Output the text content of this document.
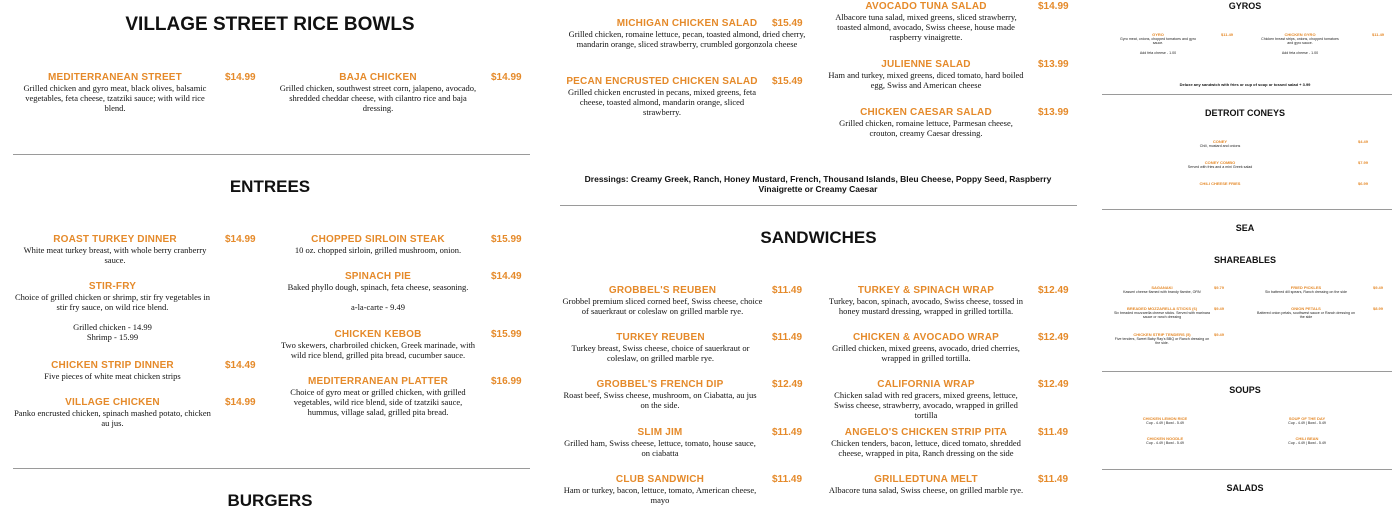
VILLAGE STREET RICE BOWLS
MEDITERRANEAN STREET
Grilled chicken and gyro meat, black olives, balsamic vegetables, feta cheese, tzatziki sauce; with wild rice blend.
$14.99	BAJA CHICKEN
Grilled chicken, southwest street corn, jalapeno, avocado, shredded cheddar cheese, with cilantro rice and baja dressing.
$14.99
ENTREES
ROAST TURKEY DINNER
White meat turkey breast, with whole berry cranberry sauce.
$14.99	CHOPPED SIRLOIN STEAK
10 oz. chopped sirloin, grilled mushroom, onion.
$15.99
STIR-FRY
Choice of grilled chicken or shrimp, stir fry vegetables in stir fry sauce, on wild rice blend.
Grilled chicken - 14.99
Shrimp - 15.99
SPINACH PIE
Baked phyllo dough, spinach, feta cheese, seasoning.
a-la-carte - 9.49
$14.49
CHICKEN KEBOB
Two skewers, charbroiled chicken, Greek marinade, with wild rice blend, grilled pita bread, cucumber sauce.
$15.99
CHICKEN STRIP DINNER
Five pieces of white meat chicken strips
$14.49
MEDITERRANEAN PLATTER
Choice of gyro meat or grilled chicken, with grilled vegetables, wild rice blend, side of tzatziki sauce, hummus, village salad, grilled pita bread.
$16.99
VILLAGE CHICKEN
Panko encrusted chicken, spinach mashed potato, chicken au jus.
$14.99
BURGERS
MICHIGAN CHICKEN SALAD
Grilled chicken, romaine lettuce, pecan, toasted almond, dried cherry, mandarin orange, sliced strawberry, crumbled gorgonzola cheese
$15.49
AVOCADO TUNA SALAD
Albacore tuna salad, mixed greens, sliced strawberry, toasted almond, avocado, Swiss cheese, house made raspberry vinaigrette.
$14.99
JULIENNE SALAD
Ham and turkey, mixed greens, diced tomato, hard boiled egg, Swiss and American cheese
$13.99
PECAN ENCRUSTED CHICKEN SALAD
Grilled chicken encrusted in pecans, mixed greens, feta cheese, toasted almond, mandarin orange, sliced strawberry.
$15.49
CHICKEN CAESAR SALAD
Grilled chicken, romaine lettuce, Parmesan cheese, crouton, creamy Caesar dressing.
$13.99
Dressings: Creamy Greek, Ranch, Honey Mustard, French, Thousand Islands, Bleu Cheese, Poppy Seed, Raspberry Vinaigrette or Creamy Caesar
SANDWICHES
GROBBEL'S REUBEN
Grobbel premium sliced corned beef, Swiss cheese, choice of sauerkraut or coleslaw on grilled marble rye.
$11.49	TURKEY & SPINACH WRAP
Turkey, bacon, spinach, avocado, Swiss cheese, tossed in honey mustard dressing, wrapped in grilled tortilla.
$12.49
TURKEY REUBEN
Turkey breast, Swiss cheese, choice of sauerkraut or coleslaw, on grilled marble rye.
$11.49	CHICKEN & AVOCADO WRAP
Grilled chicken, mixed greens, avocado, dried cherries, wrapped in grilled tortilla.
$12.49
GROBBEL'S FRENCH DIP
Roast beef, Swiss cheese, mushroom, on Ciabatta, au jus on the side.
$12.49	CALIFORNIA WRAP
Chicken salad with red gracers, mixed greens, lettuce, Swiss cheese, strawberry, avocado, wrapped in grilled tortilla
$12.49
SLIM JIM
Grilled ham, Swiss cheese, lettuce, tomato, house sauce, on ciabatta
$11.49	ANGELO'S CHICKEN STRIP PITA
Chicken tenders, bacon, lettuce, diced tomato, shredded cheese, wrapped in pita, Ranch dressing on the side
$11.49
CLUB SANDWICH
Ham or turkey, bacon, lettuce, tomato, American cheese, mayo
$11.49	GRILLEDTUNA MELT
Albacore tuna salad, Swiss cheese, on grilled marble rye.
$11.49
GYROS
GYRO
Gyro meat, onions, chopped tomatoes and gyro sauce.
Add feta cheese - 1.00
$11.49	CHICKEN GYRO
Chicken breast strips, onions, chopped tomatoes and gyro sauce.
Add feta cheese - 1.00
$11.49
Deluxe any sandwich with fries or cup of soup or tossed salad + 3.99
DETROIT CONEYS
CONEY
Chili, mustard and onions
$4.49
CONEY COMBO
Served with fries and a mini Greek salad
$7.99
CHILI CHEESE FRIES	$6.99
SEA
SHAREABLES
SAGANAKI
Kasseri cheese flamed with brandy flambe, OPA!
$9.79	FRIED PICKLES
Six battered dill spears, Ranch dressing on the side
$9.49
BREADED MOZZARELLA STICKS (6)
Six breaded mozzarella cheese sticks. Served with marinara sauce or ranch dressing
$9.49	ONION PETALS
Battered onion petals, southwest sauce or Ranch dressing on the side
$8.99
CHICKEN STRIP TENDERS (5)
Five tenders, Sweet Baby Ray's BBQ or Ranch dressing on the side.
$9.49
SOUPS
CHICKEN LEMON RICE
Cup - 4.49 | Bowl - 5.49
SOUP OF THE DAY
Cup - 4.49 | Bowl - 5.49
CHICKEN NOODLE
Cup - 4.49 | Bowl - 5.49
CHILI BEAN
Cup - 4.49 | Bowl - 5.49
SALADS
